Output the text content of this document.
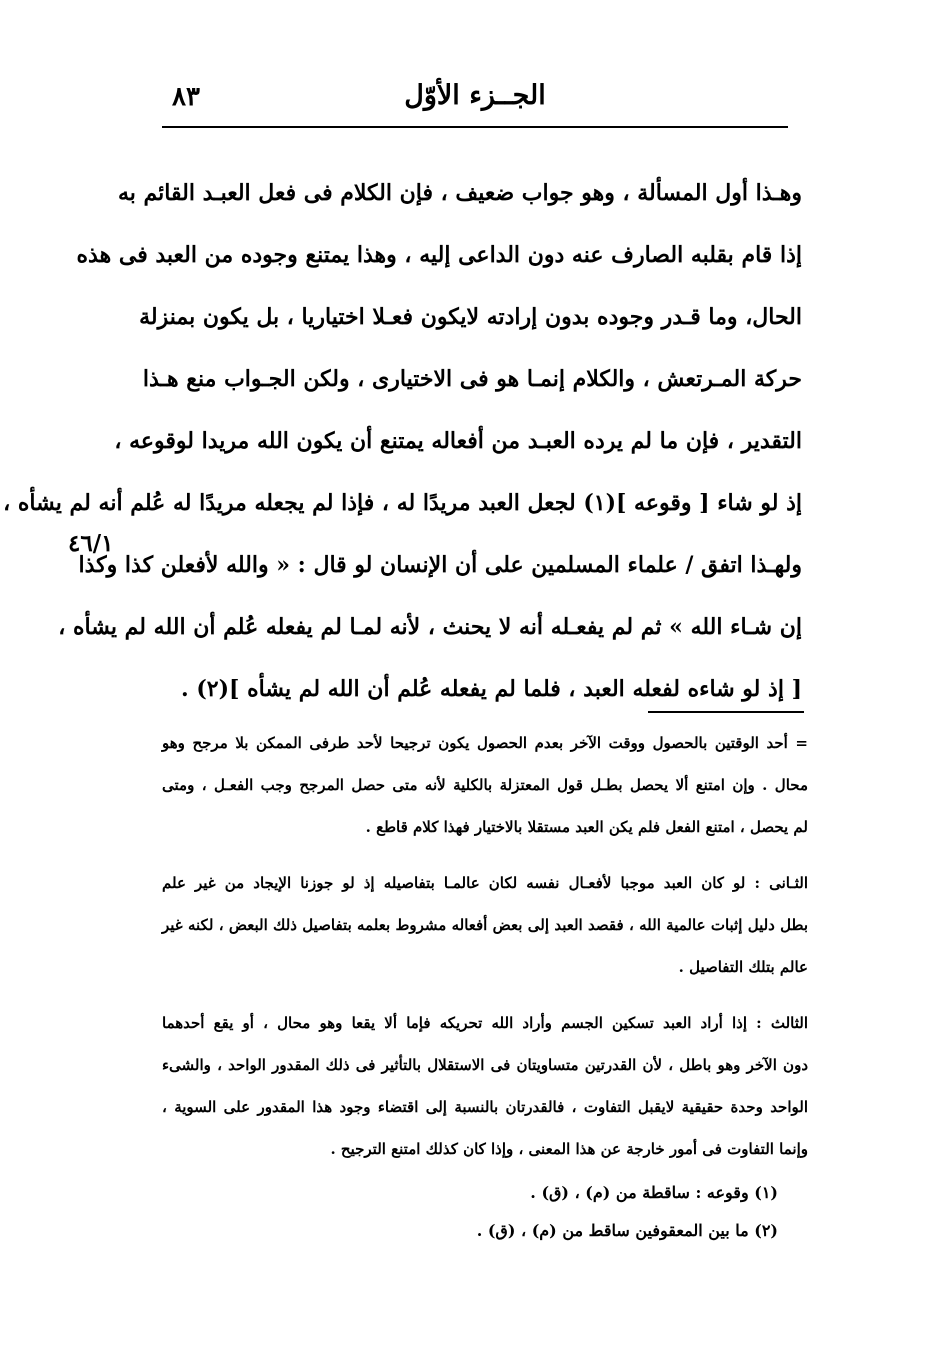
الجــزء الأوّل
٨٣
٤٦/١
وهـذا أول المسألة ، وهو جواب ضعيف ، فإن الكلام فى فعل العبـد القائم به
إذا قام بقلبه الصارف عنه دون الداعى إليه ، وهذا يمتنع وجوده من العبد فى هذه
الحال، وما قـدر وجوده بدون إرادته لايكون فعـلا اختياريا ، بل يكون بمنزلة
حركة المـرتعش ، والكلام إنمـا هو فى الاختيارى ، ولكن الجـواب منع هـذا
التقدير ، فإن ما لم يرده العبـد من أفعاله يمتنع أن يكون الله مريدا لوقوعه ،
إذ لو شاء [ وقوعه ](١) لجعل العبد مريدًا له ، فإذا لم يجعله مريدًا له عُلم أنه لم يشأه ،
ولهـذا اتفق / علماء المسلمين على أن الإنسان لو قال : « والله لأفعلن كذا وكذا
إن شـاء الله » ثم لم يفعـله أنه لا يحنث ، لأنه لمـا لم يفعله عُلم أن الله لم يشأه ،
[ إذ لو شاءه لفعله العبد ، فلما لم يفعله عُلم أن الله لم يشأه ](٢) .
= أحد الوقتين بالحصول ووقت الآخر بعدم الحصول يكون ترجيحا لأحد طرفى الممكن بلا مرجح وهو
محال . وإن امتنع ألا يحصل بطـل قول المعتزلة بالكلية لأنه متى حصل المرجح وجب الفعـل ، ومتى
لم يحصل ، امتنع الفعل فلم يكن العبد مستقلا بالاختيار فهذا كلام قاطع .
الثـانى : لو كان العبد موجبا لأفعـال نفسه لكان عالمـا بتفاصيله إذ لو جوزنا الإيجاد من غير علم
بطل دليل إثبات عالمية الله ، فقصد العبد إلى بعض أفعاله مشروط بعلمه بتفاصيل ذلك البعض ، لكنه غير
عالم بتلك التفاصيل .
الثالث : إذا أراد العبد تسكين الجسم وأراد الله تحريكه فإما ألا يقعا وهو محال ، أو يقع أحدهما
دون الآخر وهو باطل ، لأن القدرتين متساويتان فى الاستقلال بالتأثير فى ذلك المقدور الواحد ، والشىء
الواحد وحدة حقيقية لايقبل التفاوت ، فالقدرتان بالنسبة إلى اقتضاء وجود هذا المقدور على السوية ،
وإنما التفاوت فى أمور خارجة عن هذا المعنى ، وإذا كان كذلك امتنع الترجيح .
(١) وقوعه : ساقطة من (م) ، (ق) .
(٢) ما بين المعقوفين ساقط من (م) ، (ق) .
